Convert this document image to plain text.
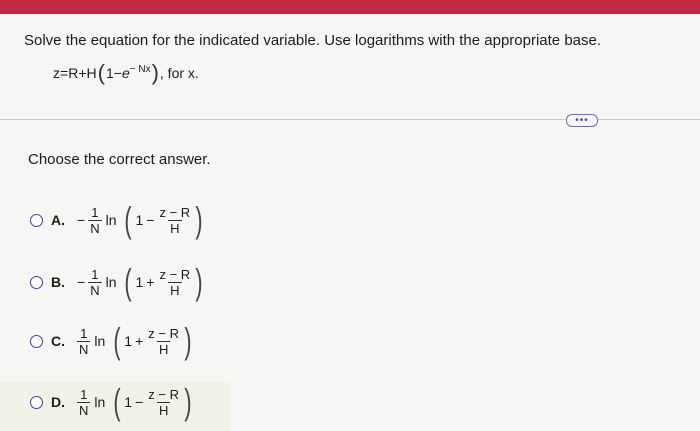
Solve the equation for the indicated variable. Use logarithms with the appropriate base.
z = R + H ( $1 - e^{- Nx}$ ) , for x.
•••
Choose the correct answer.
A. − $\frac{1}{N}$ ln ( $1 - \frac{z - R}{H}$ )
B. − $\frac{1}{N}$ ln ( $1 + \frac{z - R}{H}$ )
C. $\frac{1}{N}$ ln ( $1 + \frac{z - R}{H}$ )
D. $\frac{1}{N}$ ln ( $1 - \frac{z - R}{H}$ )
